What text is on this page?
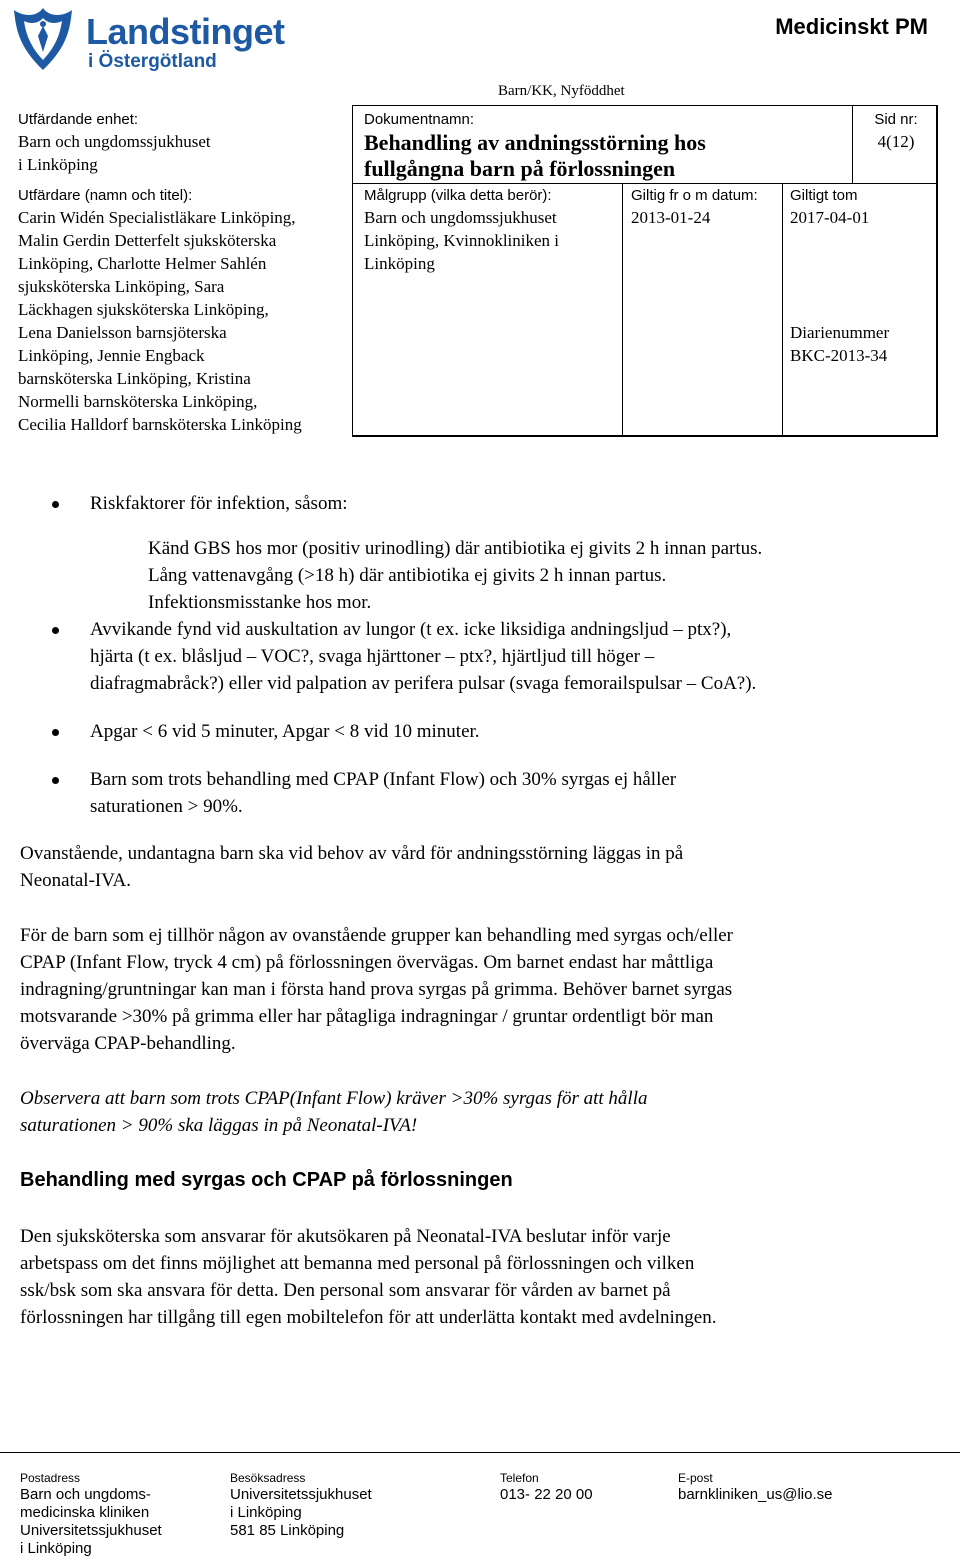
Landstinget
i Östergötland
Medicinskt PM
Barn/KK, Nyföddhet
Utfärdande enhet:
Barn och ungdomssjukhuset
i Linköping
Dokumentnamn:
Behandling av andningsstörning hos
fullgångna barn på förlossningen
Sid nr:
4(12)
Utfärdare (namn och titel):
Carin Widén Specialistläkare Linköping,
Malin Gerdin Detterfelt sjuksköterska
Linköping, Charlotte Helmer Sahlén
sjuksköterska Linköping, Sara
Läckhagen sjuksköterska Linköping,
Lena Danielsson barnsjöterska
Linköping, Jennie Engback
barnsköterska Linköping, Kristina
Normelli barnsköterska Linköping,
Cecilia Halldorf barnsköterska Linköping
Målgrupp (vilka detta berör):
Barn och ungdomssjukhuset
Linköping, Kvinnokliniken i
Linköping
Giltig fr o m datum:
2013-01-24
Giltigt tom
2017-04-01
Diarienummer
BKC-2013-34
Riskfaktorer för infektion, såsom:
Känd GBS hos mor (positiv urinodling) där antibiotika ej givits 2 h innan partus.
Lång vattenavgång (>18 h) där antibiotika ej givits 2 h innan partus.
Infektionsmisstanke hos mor.
Avvikande fynd vid auskultation av lungor (t ex. icke liksidiga andningsljud – ptx?),
hjärta (t ex. blåsljud – VOC?, svaga hjärttoner – ptx?, hjärtljud till höger –
diafragmabråck?) eller vid palpation av perifera pulsar (svaga femorailspulsar – CoA?).
Apgar < 6 vid 5 minuter, Apgar < 8 vid 10 minuter.
Barn som trots behandling med CPAP (Infant Flow) och 30% syrgas ej håller
saturationen > 90%.

Ovanstående, undantagna barn ska vid behov av vård för andningsstörning läggas in på
Neonatal-IVA.

För de barn som ej tillhör någon av ovanstående grupper kan behandling med syrgas och/eller
CPAP (Infant Flow, tryck 4 cm) på förlossningen övervägas. Om barnet endast har måttliga
indragning/gruntningar kan man i första hand prova syrgas på grimma. Behöver barnet syrgas
motsvarande >30% på grimma eller har påtagliga indragningar / gruntar ordentligt bör man
överväga CPAP-behandling.

Observera att barn som trots CPAP(Infant Flow) kräver >30% syrgas för att hålla
saturationen > 90% ska läggas in på Neonatal-IVA!

Behandling med syrgas och CPAP på förlossningen

Den sjuksköterska som ansvarar för akutsökaren på Neonatal-IVA beslutar inför varje
arbetspass om det finns möjlighet att bemanna med personal på förlossningen och vilken
ssk/bsk som ska ansvara för detta. Den personal som ansvarar för vården av barnet på
förlossningen har tillgång till egen mobiltelefon för att underlätta kontakt med avdelningen.

Postadress
Barn och ungdoms-
medicinska kliniken
Universitetssjukhuset
i Linköping
Besöksadress
Universitetssjukhuset
i Linköping
581 85 Linköping
Telefon
013- 22 20 00
E-post
barnkliniken_us@lio.se
